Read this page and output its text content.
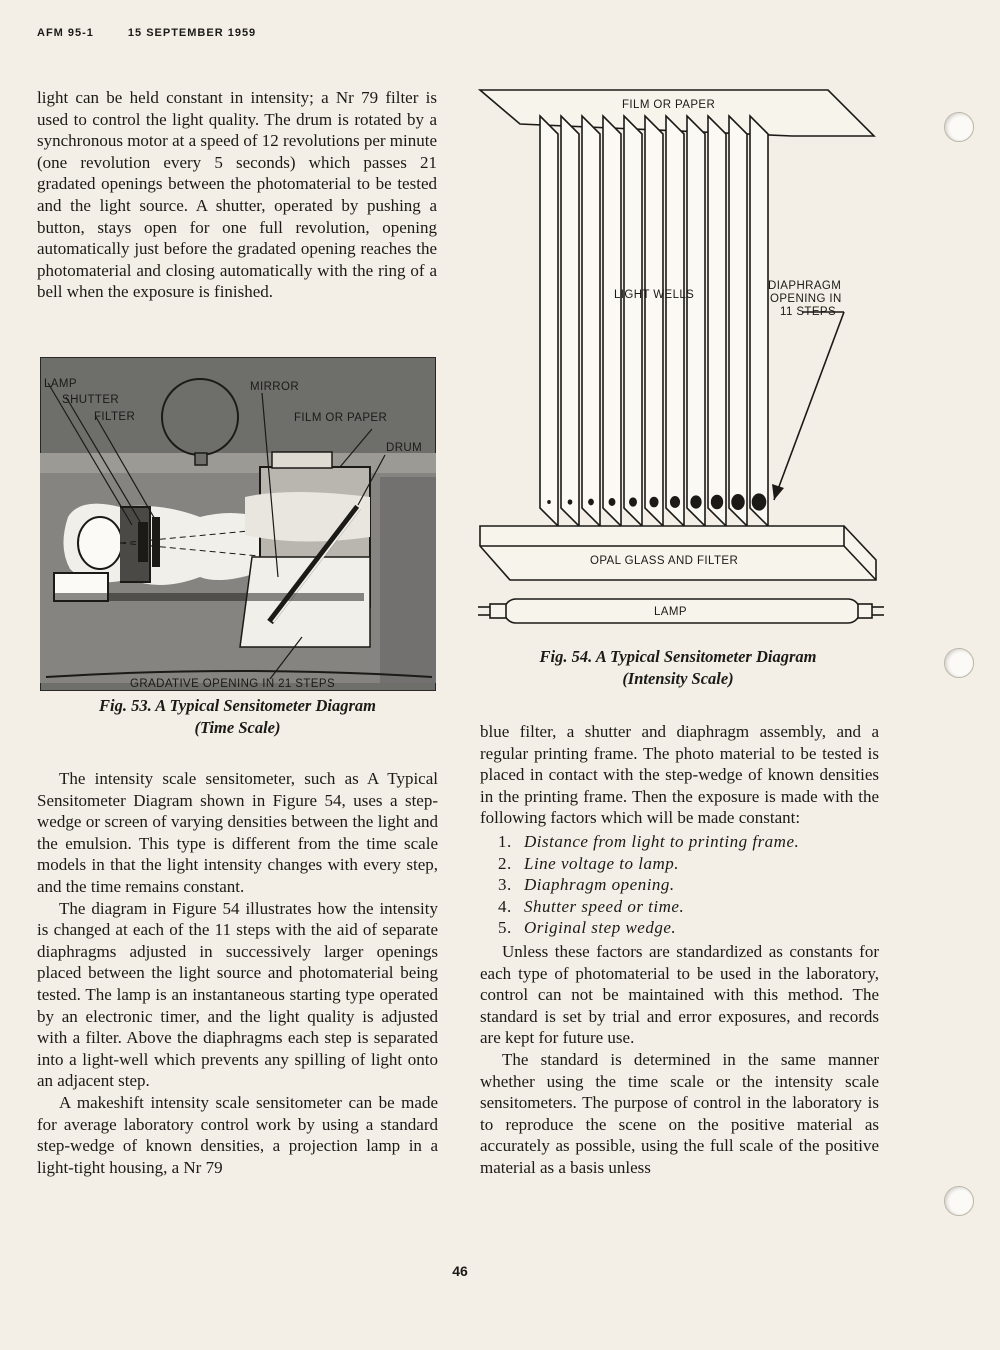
AFM 95-1	15 SEPTEMBER 1959

light can be held constant in intensity; a Nr 79 filter is used to control the light quality. The drum is rotated by a synchronous motor at a speed of 12 revolutions per minute (one revolution every 5 seconds) which passes 21 gradated openings between the photomaterial to be tested and the light source. A shutter, operated by pushing a button, stays open for one full revolution, opening automatically just before the gradated opening reaches the photomaterial and closing automatically with the ring of a bell when the exposure is finished.

LAMP
SHUTTER
FILTER
MIRROR
FILM OR PAPER
DRUM
GRADATIVE OPENING IN 21 STEPS
Fig. 53. A Typical Sensitometer Diagram
(Time Scale)

The intensity scale sensitometer, such as A Typical Sensitometer Diagram shown in Figure 54, uses a step-wedge or screen of varying densities between the light and the emulsion. This type is different from the time scale models in that the light intensity changes with every step, and the time remains constant.

The diagram in Figure 54 illustrates how the intensity is changed at each of the 11 steps with the aid of separate diaphragms adjusted in successively larger openings placed between the light source and photomaterial being tested. The lamp is an instantaneous starting type operated by an electronic timer, and the light quality is adjusted with a filter. Above the diaphragms each step is separated into a light-well which prevents any spilling of light onto an adjacent step.

A makeshift intensity scale sensitometer can be made for average laboratory control work by using a standard step-wedge of known densities, a projection lamp in a light-tight housing, a Nr 79

FILM OR PAPER
LIGHT WELLS
DIAPHRAGM
OPENING IN
11 STEPS
OPAL GLASS AND FILTER
LAMP
Fig. 54. A Typical Sensitometer Diagram
(Intensity Scale)

blue filter, a shutter and diaphragm assembly, and a regular printing frame. The photo material to be tested is placed in contact with the step-wedge of known densities in the printing frame. Then the exposure is made with the following factors which will be made constant:

1. Distance from light to printing frame.
2. Line voltage to lamp.
3. Diaphragm opening.
4. Shutter speed or time.
5. Original step wedge.

Unless these factors are standardized as constants for each type of photomaterial to be used in the laboratory, control can not be maintained with this method. The standard is set by trial and error exposures, and records are kept for future use.

The standard is determined in the same manner whether using the time scale or the intensity scale sensitometers. The purpose of control in the laboratory is to reproduce the scene on the positive material as accurately as possible, using the full scale of the positive material as a basis unless

46
